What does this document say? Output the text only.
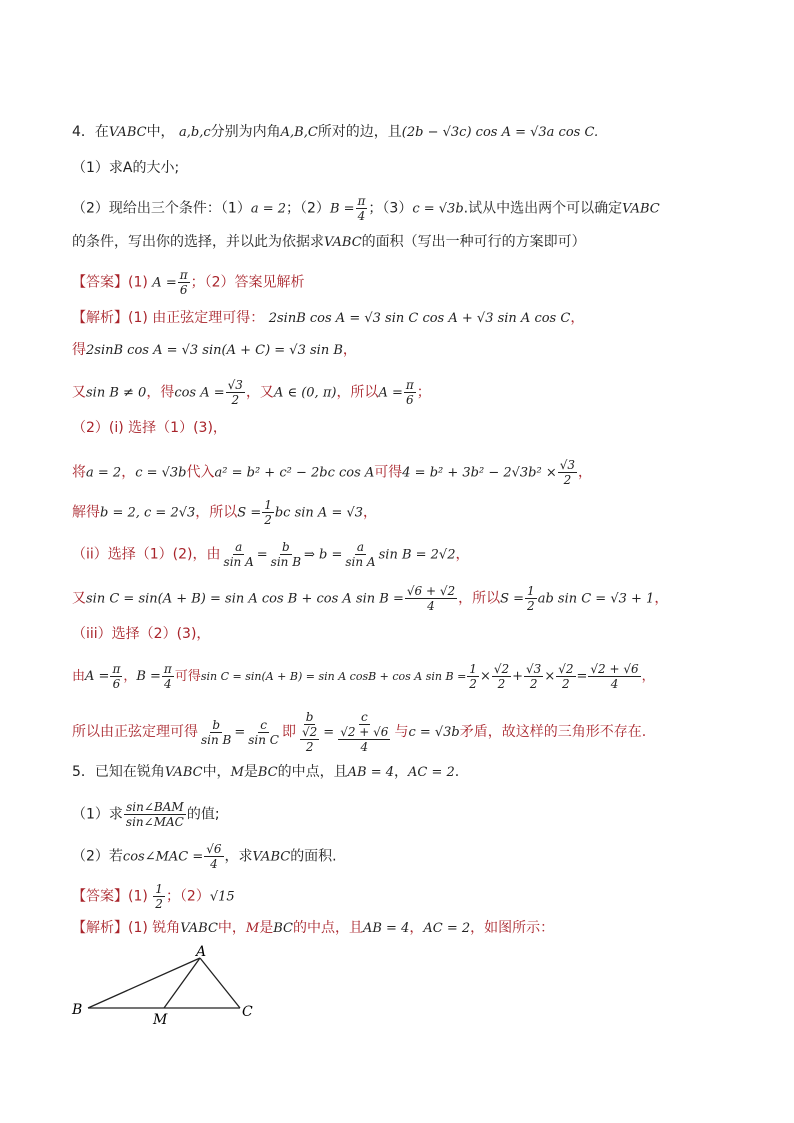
4．在VABC中， a,b,c分别为内角A,B,C所对的边，且(2b − √3c) cos A = √3a cos C.
（1）求A的大小;
（2）现给出三个条件：（1）a = 2；$(2)B = \frac{\pi}{4}$ ；（3）c = √3b.试从中选出两个可以确定VABC
的条件，写出你的选择，并以此为依据求VABC的面积（写出一种可行的方案即可）
【答案】(1) $A = \frac{\pi}{6}$ ；（2）答案见解析
【解析】(1) 由正弦定理可得： 2sinB cos A = √3 sin C cos A + √3 sin A cos C，
得2sinB cos A = √3 sin(A + C) = √3 sin B，
又sin B ≠ 0，得$\cos A = \frac{√3}{2}$ ，又A ∈ (0, π)，所以$A = \frac{\pi}{6}$ ；
（2）(i) 选择（1）(3)，
将a = 2，c = √3b代入a² = b² + c² − 2bc cos A可得$4 = b^2 + 3b^2 - 2√3b^2 \times \frac{√3}{2}$ ，
解得b = 2, c = 2√3，所以$S = \frac{1}{2}$ bc sin A = √3，
（ii）选择（1）(2)，由 $\frac{a}{\text{sin A}} = \frac{b}{\text{sin B}}$ ⇒ $b = \frac{a}{\text{sin A}}$ sin B = 2√2，
又sin C = sin(A + B) = sin A cos B + cos A $\sin B = \frac{√6 + √2}{4}$ ，所以$S = \frac{1}{2}$ ab sin C = √3 + 1，
（iii）选择（2）(3)，
由$A = \frac{\pi}{6}$ ，$B = \frac{\pi}{4}$ 可得sin C = sin(A + B) = sin A cosB + cos A $\sin B = \frac{1}{2} \times \frac{√2}{2} + \frac{√3}{2} \times \frac{√2}{2} = \frac{√2 + √6}{4}$ ，
所以由正弦定理可得 $\frac{b}{\text{sin B}} = \frac{c}{\text{sin C}}$ 即 $\frac{b}{\frac{√2}{2}} = \frac{c}{\frac{√2 + √6}{4}}$ 与c = √3b矛盾，故这样的三角形不存在.
5．已知在锐角VABC中，M是BC的中点，且AB = 4，AC = 2.
（1）求 $\frac{\text{sin∠BAM}}{\text{sin∠MAC}}$ 的值;
（2）若cos∠MAC = $\frac{√6}{4}$ ，求VABC的面积.
【答案】$(1) \frac{1}{2}$ ；（2）√15
【解析】(1) 锐角VABC中，M是BC的中点，且AB = 4，AC = 2，如图所示：
A
B	C
M
